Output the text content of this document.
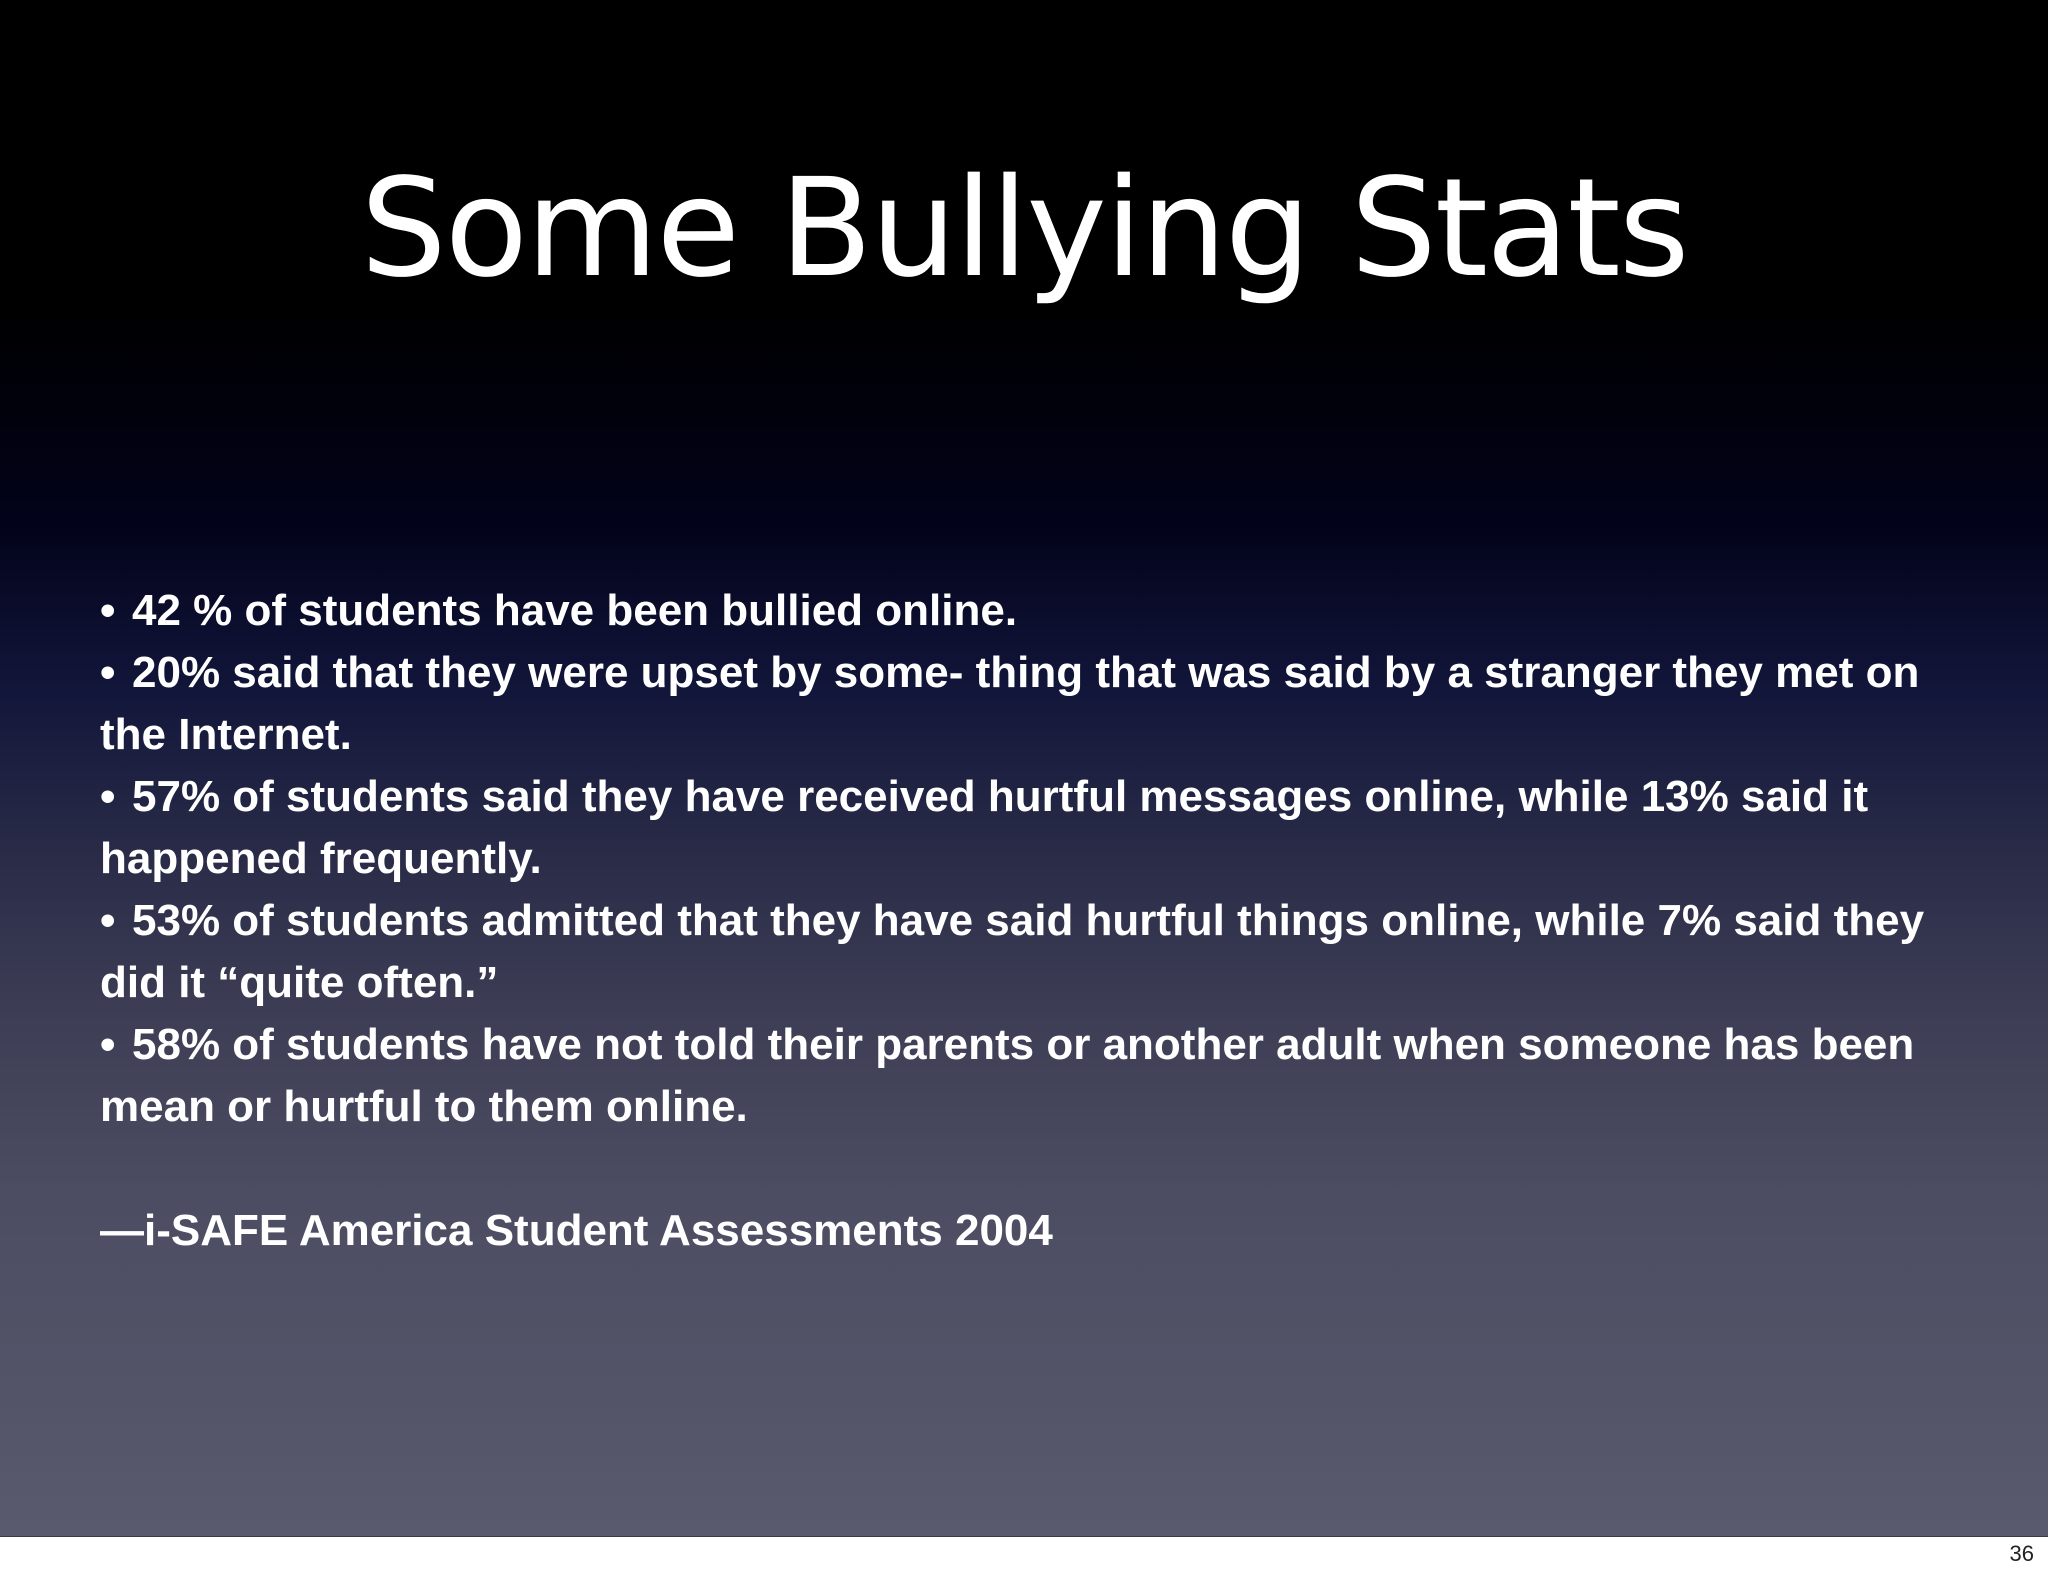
Some Bullying Stats
• 42 % of students have been bullied online.
• 20% said that they were upset by some- thing that was said by a stranger they met on the Internet.
• 57% of students said they have received hurtful messages online, while 13% said it happened frequently.
• 53% of students admitted that they have said hurtful things online, while 7% said they did it “quite often.”
• 58% of students have not told their parents or another adult when someone has been mean or hurtful to them online.

—i-SAFE America Student Assessments 2004

36
